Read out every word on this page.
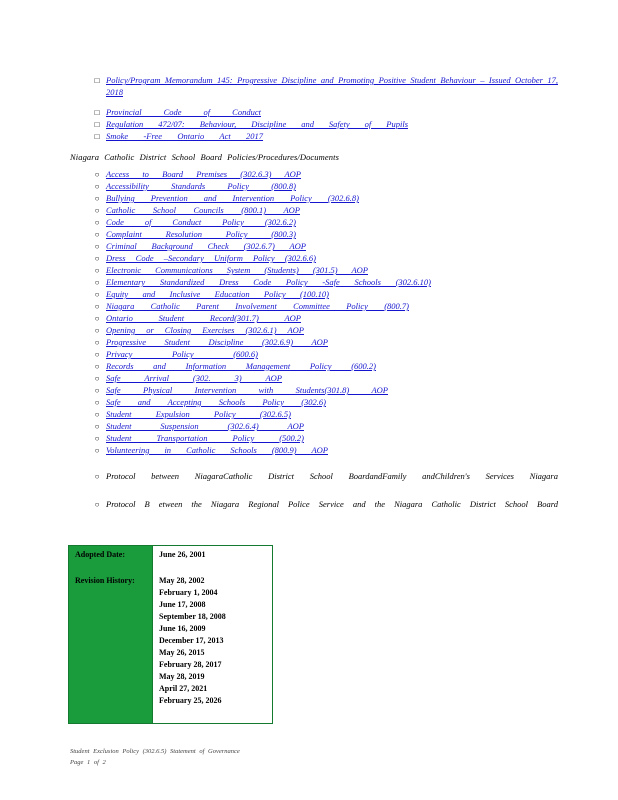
□
Policy/Program Memorandum 145: Progressive Discipline and Promoting Positive Student Behaviour – Issued October 17, 2018
□
Provincial Code of Conduct
□
Regulation 472/07: Behaviour, Discipline and Safety of Pupils
□
Smoke -Free Ontario Act 2017
Niagara Catholic District School Board Policies/Procedures/Documents
○
Access to Board Premises (302.6.3) AOP
○
Accessibility Standards Policy (800.8)
○
Bullying Prevention and Intervention Policy (302.6.8)
○
Catholic School Councils (800.1) AOP
○
Code of Conduct Policy (302.6.2)
○
Complaint Resolution Policy (800.3)
○
Criminal Background Check (302.6.7) AOP
○
Dress Code –Secondary Uniform Policy (302.6.6)
○
Electronic Communications System (Students) (301.5) AOP
○
Elementary Standardized Dress Code Policy -Safe Schools (302.6.10)
○
Equity and Inclusive Education Policy (100.10)
○
Niagara Catholic Parent Involvement Committee Policy (800.7)
○
Ontario Student Record(301.7) AOP
○
Opening or Closing Exercises (302.6.1) AOP
○
Progressive Student Discipline (302.6.9) AOP
○
Privacy Policy (600.6)
○
Records and Information Management Policy (600.2)
○
Safe Arrival (302. 3) AOP
○
Safe Physical Intervention with Students(301.8) AOP
○
Safe and Accepting Schools Policy (302.6)
○
Student Expulsion Policy (302.6.5)
○
Student Suspension (302.6.4) AOP
○
Student Transportation Policy (500.2)
○
Volunteering in Catholic Schools (800.9) AOP
○
Protocol between NiagaraCatholic District School BoardandFamily andChildren's Services Niagara
○
Protocol B etween the Niagara Regional Police Service and the Niagara Catholic District School Board
Adopted Date:	June 26, 2001
Revision History:	May 28, 2002
February 1, 2004
June 17, 2008
September 18, 2008
June 16, 2009
December 17, 2013
May 26, 2015
February 28, 2017
May 28, 2019
April 27, 2021
February 25, 2026
Student Exclusion Policy (302.6.5) Statement of Governance
Page 1 of 2
